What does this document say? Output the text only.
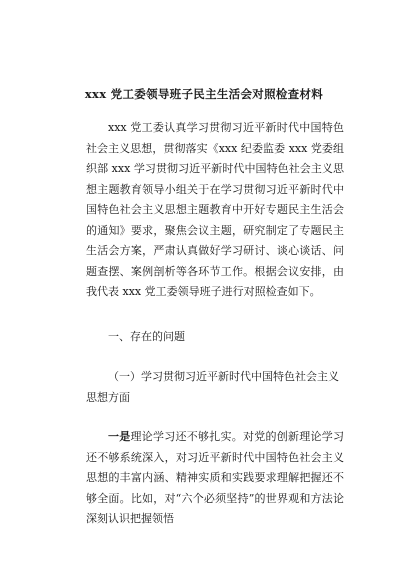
xxx 党工委领导班子民主生活会对照检查材料
xxx 党工委认真学习贯彻习近平新时代中国特色社会主义思想，贯彻落实《xxx 纪委监委 xxx 党委组织部 xxx 学习贯彻习近平新时代中国特色社会主义思想主题教育领导小组关于在学习贯彻习近平新时代中国特色社会主义思想主题教育中开好专题民主生活会的通知》要求，聚焦会议主题，研究制定了专题民主生活会方案，严肃认真做好学习研讨、谈心谈话、问题查摆、案例剖析等各环节工作。根据会议安排，由我代表 xxx 党工委领导班子进行对照检查如下。
一、存在的问题
（一）学习贯彻习近平新时代中国特色社会主义思想方面
一是理论学习还不够扎实。对党的创新理论学习还不够系统深入，对习近平新时代中国特色社会主义思想的丰富内涵、精神实质和实践要求理解把握还不够全面。比如，对“六个必须坚持”的世界观和方法论深刻认识把握领悟
